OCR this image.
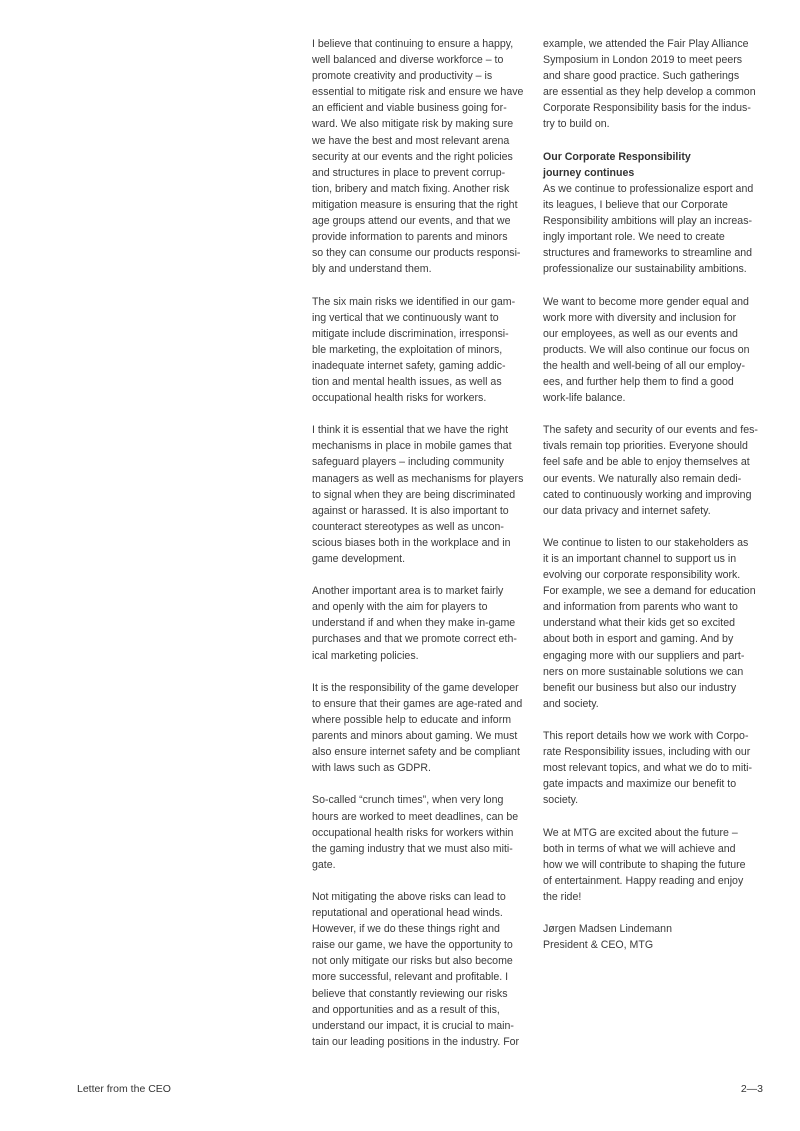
I believe that continuing to ensure a happy,
well balanced and diverse workforce – to
promote creativity and productivity – is
essential to mitigate risk and ensure we have
an efficient and viable business going for-
ward. We also mitigate risk by making sure
we have the best and most relevant arena
security at our events and the right policies
and structures in place to prevent corrup-
tion, bribery and match fixing. Another risk
mitigation measure is ensuring that the right
age groups attend our events, and that we
provide information to parents and minors
so they can consume our products responsi-
bly and understand them.
The six main risks we identified in our gam-
ing vertical that we continuously want to
mitigate include discrimination, irresponsi-
ble marketing, the exploitation of minors,
inadequate internet safety, gaming addic-
tion and mental health issues, as well as
occupational health risks for workers.
I think it is essential that we have the right
mechanisms in place in mobile games that
safeguard players – including community
managers as well as mechanisms for players
to signal when they are being discriminated
against or harassed. It is also important to
counteract stereotypes as well as uncon-
scious biases both in the workplace and in
game development.
Another important area is to market fairly
and openly with the aim for players to
understand if and when they make in-game
purchases and that we promote correct eth-
ical marketing policies.
It is the responsibility of the game developer
to ensure that their games are age-rated and
where possible help to educate and inform
parents and minors about gaming. We must
also ensure internet safety and be compliant
with laws such as GDPR.
So-called “crunch times”, when very long
hours are worked to meet deadlines, can be
occupational health risks for workers within
the gaming industry that we must also miti-
gate.
Not mitigating the above risks can lead to
reputational and operational head winds.
However, if we do these things right and
raise our game, we have the opportunity to
not only mitigate our risks but also become
more successful, relevant and profitable. I
believe that constantly reviewing our risks
and opportunities and as a result of this,
understand our impact, it is crucial to main-
tain our leading positions in the industry. For
example, we attended the Fair Play Alliance
Symposium in London 2019 to meet peers
and share good practice. Such gatherings
are essential as they help develop a common
Corporate Responsibility basis for the indus-
try to build on.
Our Corporate Responsibility
journey continues
As we continue to professionalize esport and
its leagues, I believe that our Corporate
Responsibility ambitions will play an increas-
ingly important role. We need to create
structures and frameworks to streamline and
professionalize our sustainability ambitions.
We want to become more gender equal and
work more with diversity and inclusion for
our employees, as well as our events and
products. We will also continue our focus on
the health and well-being of all our employ-
ees, and further help them to find a good
work-life balance.
The safety and security of our events and fes-
tivals remain top priorities. Everyone should
feel safe and be able to enjoy themselves at
our events. We naturally also remain dedi-
cated to continuously working and improving
our data privacy and internet safety.
We continue to listen to our stakeholders as
it is an important channel to support us in
evolving our corporate responsibility work.
For example, we see a demand for education
and information from parents who want to
understand what their kids get so excited
about both in esport and gaming. And by
engaging more with our suppliers and part-
ners on more sustainable solutions we can
benefit our business but also our industry
and society.
This report details how we work with Corpo-
rate Responsibility issues, including with our
most relevant topics, and what we do to miti-
gate impacts and maximize our benefit to
society.
We at MTG are excited about the future –
both in terms of what we will achieve and
how we will contribute to shaping the future
of entertainment. Happy reading and enjoy
the ride!
Jørgen Madsen Lindemann
President & CEO, MTG
Letter from the CEO	2—3
